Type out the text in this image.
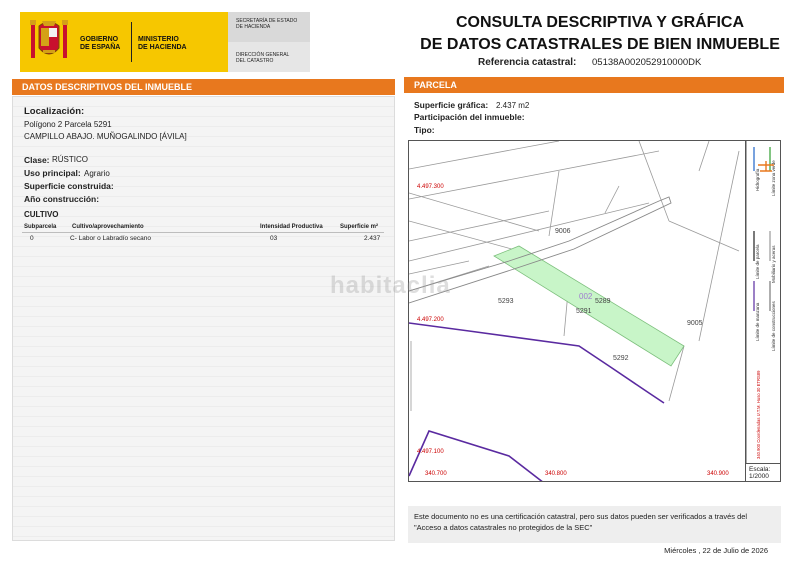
GOBIERNO
DE ESPAÑA
MINISTERIO
DE HACIENDA
SECRETARÍA DE ESTADO
DE HACIENDA
DIRECCIÓN GENERAL
DEL CATASTRO
CONSULTA DESCRIPTIVA Y GRÁFICA
DE DATOS CATASTRALES DE BIEN INMUEBLE
Referencia catastral: 05138A002052910000DK
DATOS DESCRIPTIVOS DEL INMUEBLE
Localización:
Polígono 2 Parcela 5291
CAMPILLO ABAJO. MUÑOGALINDO [ÁVILA]
Clase: RÚSTICO
Uso principal: Agrario
Superficie construida:
Año construcción:
CULTIVO
Subparcela	Cultivo/aprovechamiento	Intensidad Productiva	Superficie m²
0	C- Labor o Labradío secano	03	2.437
PARCELA
Superficie gráfica: 2.437 m2
Participación del inmueble:
Tipo:
4.497.300
4.497.200
4.497.100
340.700	340.800	340.900
9006
5293	5289
5291
5292
9005
002
Hidrografía Límite zona verde
Límite de parcela Mobiliario y aceras
Límite de manzana Límite de construcciones
340.900 Coordenadas U.T.M. Huso 30 ETRS89
Escala:
1/2000
habitaclia
Este documento no es una certificación catastral, pero sus datos pueden ser verificados a través del "Acceso a datos catastrales no protegidos de la SEC"
Miércoles , 22 de Julio de 2026
